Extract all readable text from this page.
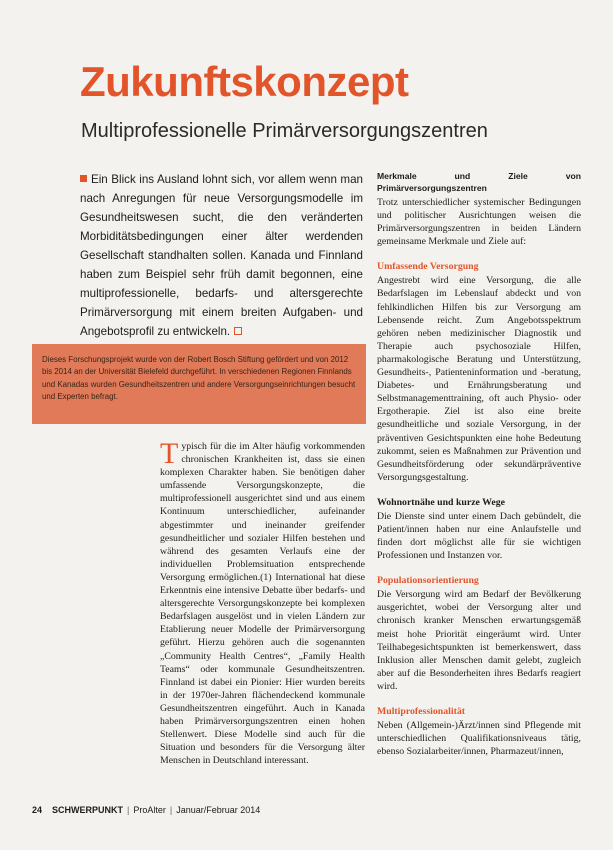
Zukunftskonzept
Multiprofessionelle Primärversorgungszentren
Ein Blick ins Ausland lohnt sich, vor allem wenn man nach Anregungen für neue Versorgungsmodelle im Gesundheitswesen sucht, die den veränderten Morbiditätsbedingungen einer älter werdenden Gesellschaft standhalten sollen. Kanada und Finnland haben zum Beispiel sehr früh damit begonnen, eine multiprofessionelle, bedarfs- und altersgerechte Primärversorgung mit einem breiten Aufgaben- und Angebotsprofil zu entwickeln.
Dieses Forschungsprojekt wurde von der Robert Bosch Stiftung gefördert und von 2012 bis 2014 an der Universität Bielefeld durchgeführt. In verschiedenen Regionen Finnlands und Kanadas wurden Gesundheitszentren und andere Versorgungseinrichtungen besucht und Experten befragt.
Typisch für die im Alter häufig vorkommenden chronischen Krankheiten ist, dass sie einen komplexen Charakter haben. Sie benötigen daher umfassende Versorgungskonzepte, die multiprofessionell ausgerichtet sind und aus einem Kontinuum unterschiedlicher, aufeinander abgestimmter und ineinander greifender gesundheitlicher und sozialer Hilfen bestehen und während des gesamten Verlaufs eine der individuellen Problemsituation entsprechende Versorgung ermöglichen.(1) International hat diese Erkenntnis eine intensive Debatte über bedarfs- und altersgerechte Versorgungskonzepte bei komplexen Bedarfslagen ausgelöst und in vielen Ländern zur Etablierung neuer Modelle der Primärversorgung geführt. Hierzu gehören auch die sogenannten „Community Health Centres“, „Family Health Teams“ oder kommunale Gesundheitszentren. Finnland ist dabei ein Pionier: Hier wurden bereits in der 1970er-Jahren flächendeckend kommunale Gesundheitszentren eingeführt. Auch in Kanada haben Primärversorgungszentren einen hohen Stellenwert. Diese Modelle sind auch für die Situation und besonders für die Versorgung älter Menschen in Deutschland interessant.
Merkmale und Ziele von Primärversorgungszentren

Trotz unterschiedlicher systemischer Bedingungen und politischer Ausrichtungen weisen die Primärversorgungszentren in beiden Ländern gemeinsame Merkmale und Ziele auf:

Umfassende Versorgung

Angestrebt wird eine Versorgung, die alle Bedarfslagen im Lebenslauf abdeckt und von fehlkindlichen Hilfen bis zur Versorgung am Lebensende reicht. Zum Angebotsspektrum gehören neben medizinischer Diagnostik und Therapie auch psychosoziale Hilfen, pharmakologische Beratung und Unterstützung, Gesundheits-, Patienteninformation und -beratung, Diabetes- und Ernährungsberatung und Selbstmanagementtraining, oft auch Physio- oder Ergotherapie. Ziel ist also eine breite gesundheitliche und soziale Versorgung, in der präventiven Gesichtspunkten eine hohe Bedeutung zukommt, seien es Maßnahmen zur Prävention und Gesundheitsförderung oder sekundärpräventive Versorgungsgestaltung.

Wohnortnähe und kurze Wege

Die Dienste sind unter einem Dach gebündelt, die Patient/innen haben nur eine Anlaufstelle und finden dort möglichst alle für sie wichtigen Professionen und Instanzen vor.

Populationsorientierung

Die Versorgung wird am Bedarf der Bevölkerung ausgerichtet, wobei der Versorgung alter und chronisch kranker Menschen erwartungsgemäß meist hohe Priorität eingeräumt wird. Unter Teilhabegesichtspunkten ist bemerkenswert, dass Inklusion aller Menschen damit gelebt, zugleich aber auf die Besonderheiten ihres Bedarfs reagiert wird.

Multiprofessionalität

Neben (Allgemein-)Ärzt/innen sind Pflegende mit unterschiedlichen Qualifikationsniveaus tätig, ebenso Sozialarbeiter/innen, Pharmazeut/innen,

24 SCHWERPUNKT | ProAlter | Januar/Februar 2014
